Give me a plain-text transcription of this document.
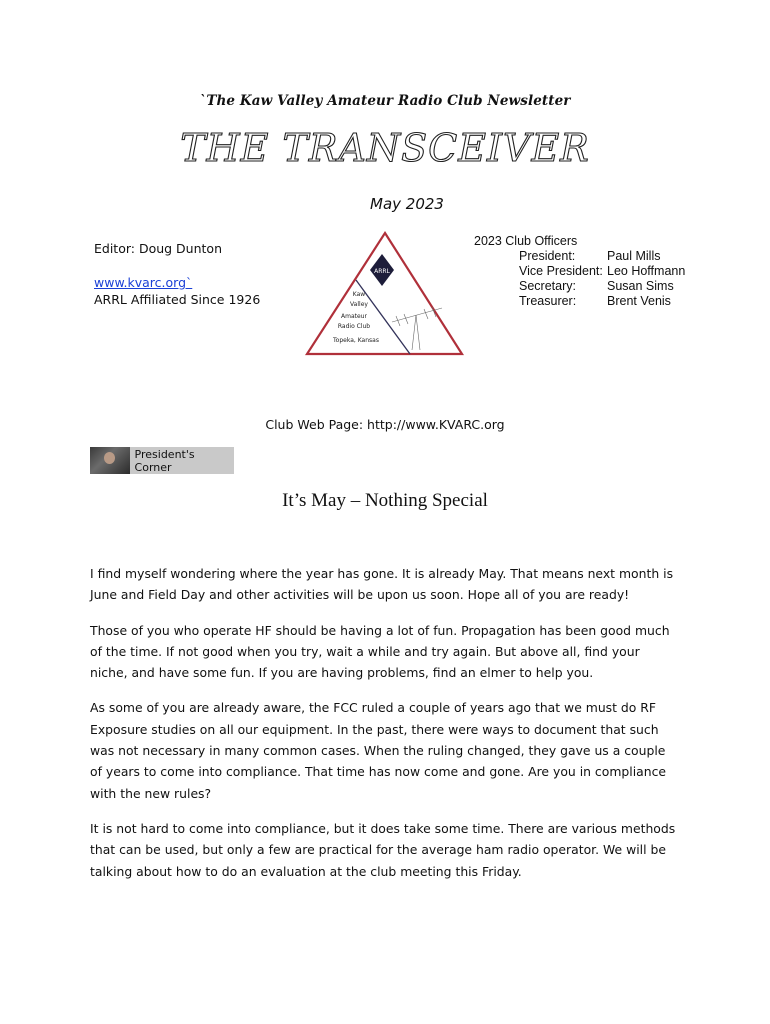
`The Kaw Valley Amateur Radio Club Newsletter
THE TRANSCEIVER
May 2023
Editor: Doug Dunton
www.kvarc.org`
ARRL Affiliated Since 1926
ARRL
Kaw
Valley
Amateur
Radio Club
Topeka, Kansas
2023 Club Officers
President:	Paul Mills
Vice President: Leo Hoffmann
Secretary:	Susan Sims
Treasurer:	Brent Venis
Club Web Page: http://www.KVARC.org
President's Corner
It’s May – Nothing Special

I find myself wondering where the year has gone. It is already May. That means next month is June and Field Day and other activities will be upon us soon. Hope all of you are ready!

Those of you who operate HF should be having a lot of fun. Propagation has been good much of the time. If not good when you try, wait a while and try again. But above all, find your niche, and have some fun. If you are having problems, find an elmer to help you.

As some of you are already aware, the FCC ruled a couple of years ago that we must do RF Exposure studies on all our equipment. In the past, there were ways to document that such was not necessary in many common cases. When the ruling changed, they gave us a couple of years to come into compliance. That time has now come and gone. Are you in compliance with the new rules?

It is not hard to come into compliance, but it does take some time. There are various methods that can be used, but only a few are practical for the average ham radio operator. We will be talking about how to do an evaluation at the club meeting this Friday.
